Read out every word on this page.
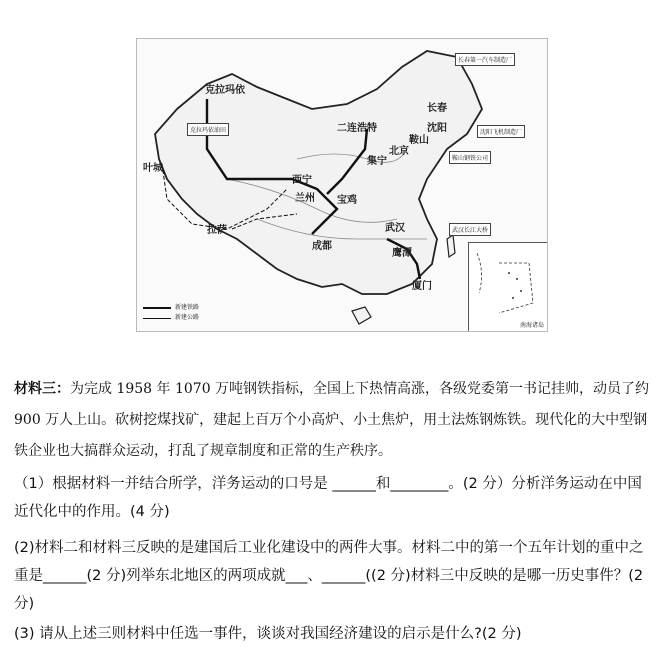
克拉玛依
二连浩特
北京
集宁
长春
沈阳
鞍山
西宁
兰州 宝鸡
成都
拉萨	武汉
鹰潭
厦门
叶城
长春第一汽车制造厂
克拉玛依油田	沈阳飞机制造厂
鞍山钢铁公司
武汉长江大桥
新建铁路
新建公路
南海诸岛
材料三：为完成 1958 年 1070 万吨钢铁指标，全国上下热情高涨，各级党委第一书记挂帅，动员了约 900 万人上山。砍树挖煤找矿，建起上百万个小高炉、小土焦炉，用土法炼钢炼铁。现代化的大中型钢铁企业也大搞群众运动，打乱了规章制度和正常的生产秩序。
（1）根据材料一并结合所学，洋务运动的口号是 ______和________。(2 分）分析洋务运动在中国近代化中的作用。(4 分)
(2)材料二和材料三反映的是建国后工业化建设中的两件大事。材料二中的第一个五年计划的重中之重是______(2 分)列举东北地区的两项成就___、______((2 分)材料三中反映的是哪一历史事件？(2 分)
(3) 请从上述三则材料中任选一事件，谈谈对我国经济建设的启示是什么?(2 分)
